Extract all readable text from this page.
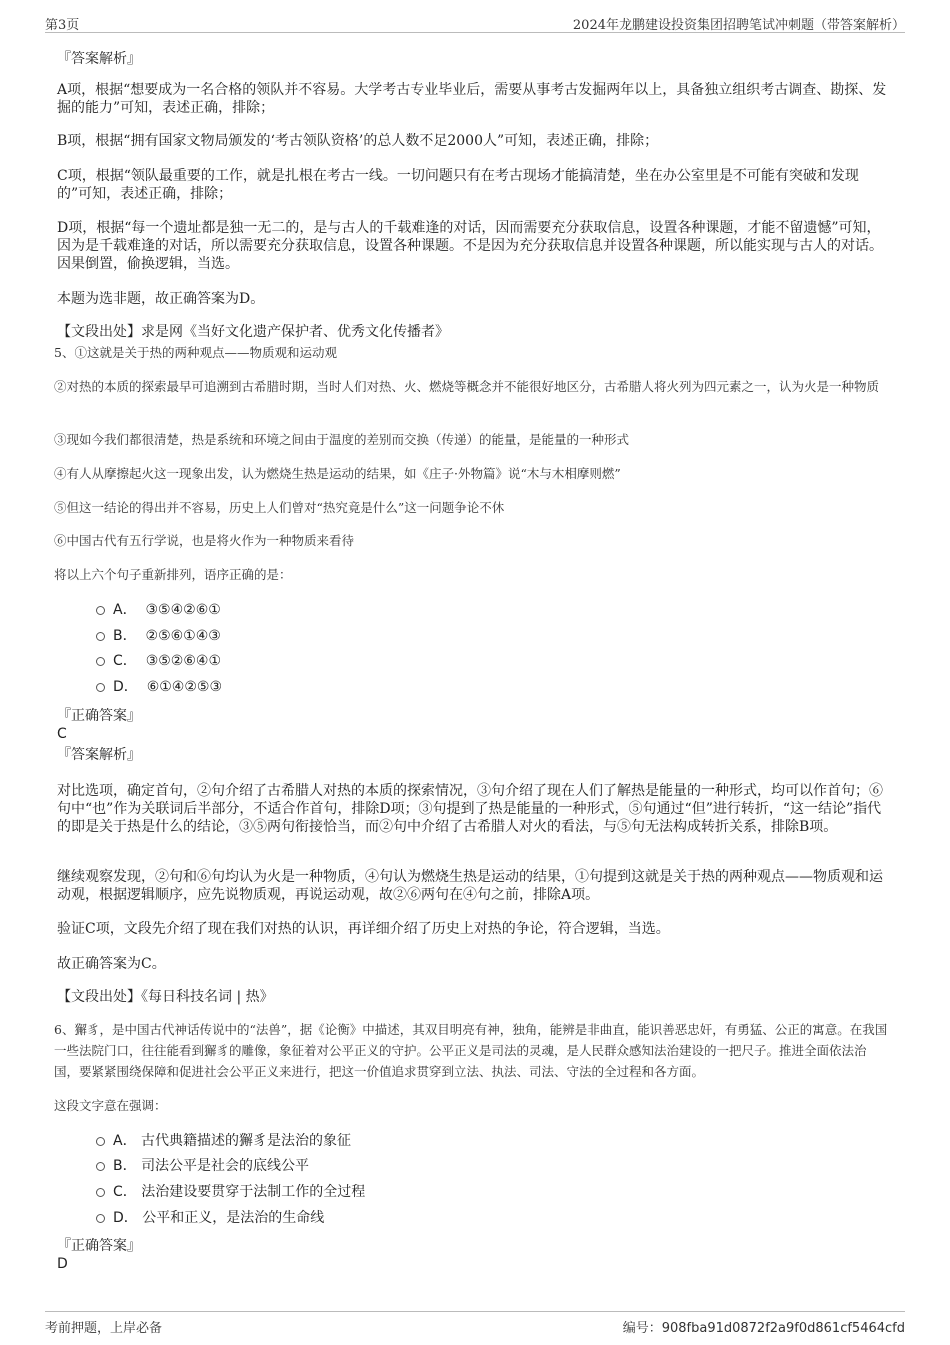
第3页	2024年龙鹏建设投资集团招聘笔试冲刺题（带答案解析）
『答案解析』
A项，根据“想要成为一名合格的领队并不容易。大学考古专业毕业后，需要从事考古发掘两年以上，具备独立组织考古调查、勘探、发掘的能力”可知，表述正确，排除；
B项，根据“拥有国家文物局颁发的‘考古领队资格’的总人数不足2000人”可知，表述正确，排除；
C项，根据“领队最重要的工作，就是扎根在考古一线。一切问题只有在考古现场才能搞清楚，坐在办公室里是不可能有突破和发现的”可知，表述正确，排除；
D项，根据“每一个遗址都是独一无二的，是与古人的千载难逢的对话，因而需要充分获取信息，设置各种课题，才能不留遗憾”可知，因为是千载难逢的对话，所以需要充分获取信息，设置各种课题。不是因为充分获取信息并设置各种课题，所以能实现与古人的对话。因果倒置，偷换逻辑，当选。
本题为选非题，故正确答案为D。
【文段出处】求是网《当好文化遗产保护者、优秀文化传播者》
5、①这就是关于热的两种观点——物质观和运动观
②对热的本质的探索最早可追溯到古希腊时期，当时人们对热、火、燃烧等概念并不能很好地区分，古希腊人将火列为四元素之一，认为火是一种物质
③现如今我们都很清楚，热是系统和环境之间由于温度的差别而交换（传递）的能量，是能量的一种形式
④有人从摩擦起火这一现象出发，认为燃烧生热是运动的结果，如《庄子·外物篇》说“木与木相摩则燃”
⑤但这一结论的得出并不容易，历史上人们曾对“热究竟是什么”这一问题争论不休
⑥中国古代有五行学说，也是将火作为一种物质来看待
将以上六个句子重新排列，语序正确的是：
A． ③⑤④②⑥①
B． ②⑤⑥①④③
C． ③⑤②⑥④①
D． ⑥①④②⑤③
『正确答案』
C
『答案解析』
对比选项，确定首句，②句介绍了古希腊人对热的本质的探索情况，③句介绍了现在人们了解热是能量的一种形式，均可以作首句；⑥句中“也”作为关联词后半部分，不适合作首句，排除D项；③句提到了热是能量的一种形式，⑤句通过“但”进行转折，“这一结论”指代的即是关于热是什么的结论，③⑤两句衔接恰当，而②句中介绍了古希腊人对火的看法，与⑤句无法构成转折关系，排除B项。
继续观察发现，②句和⑥句均认为火是一种物质，④句认为燃烧生热是运动的结果，①句提到这就是关于热的两种观点——物质观和运动观，根据逻辑顺序，应先说物质观，再说运动观，故②⑥两句在④句之前，排除A项。
验证C项，文段先介绍了现在我们对热的认识，再详细介绍了历史上对热的争论，符合逻辑，当选。
故正确答案为C。
【文段出处】《每日科技名词 | 热》
6、獬豸，是中国古代神话传说中的“法兽”，据《论衡》中描述，其双目明亮有神，独角，能辨是非曲直，能识善恶忠奸，有勇猛、公正的寓意。在我国一些法院门口，往往能看到獬豸的雕像，象征着对公平正义的守护。公平正义是司法的灵魂，是人民群众感知法治建设的一把尺子。推进全面依法治国，要紧紧围绕保障和促进社会公平正义来进行，把这一价值追求贯穿到立法、执法、司法、守法的全过程和各方面。
这段文字意在强调：
A． 古代典籍描述的獬豸是法治的象征
B． 司法公平是社会的底线公平
C． 法治建设要贯穿于法制工作的全过程
D． 公平和正义，是法治的生命线
『正确答案』
D
考前押题，上岸必备	编号：908fba91d0872f2a9f0d861cf5464cfd
